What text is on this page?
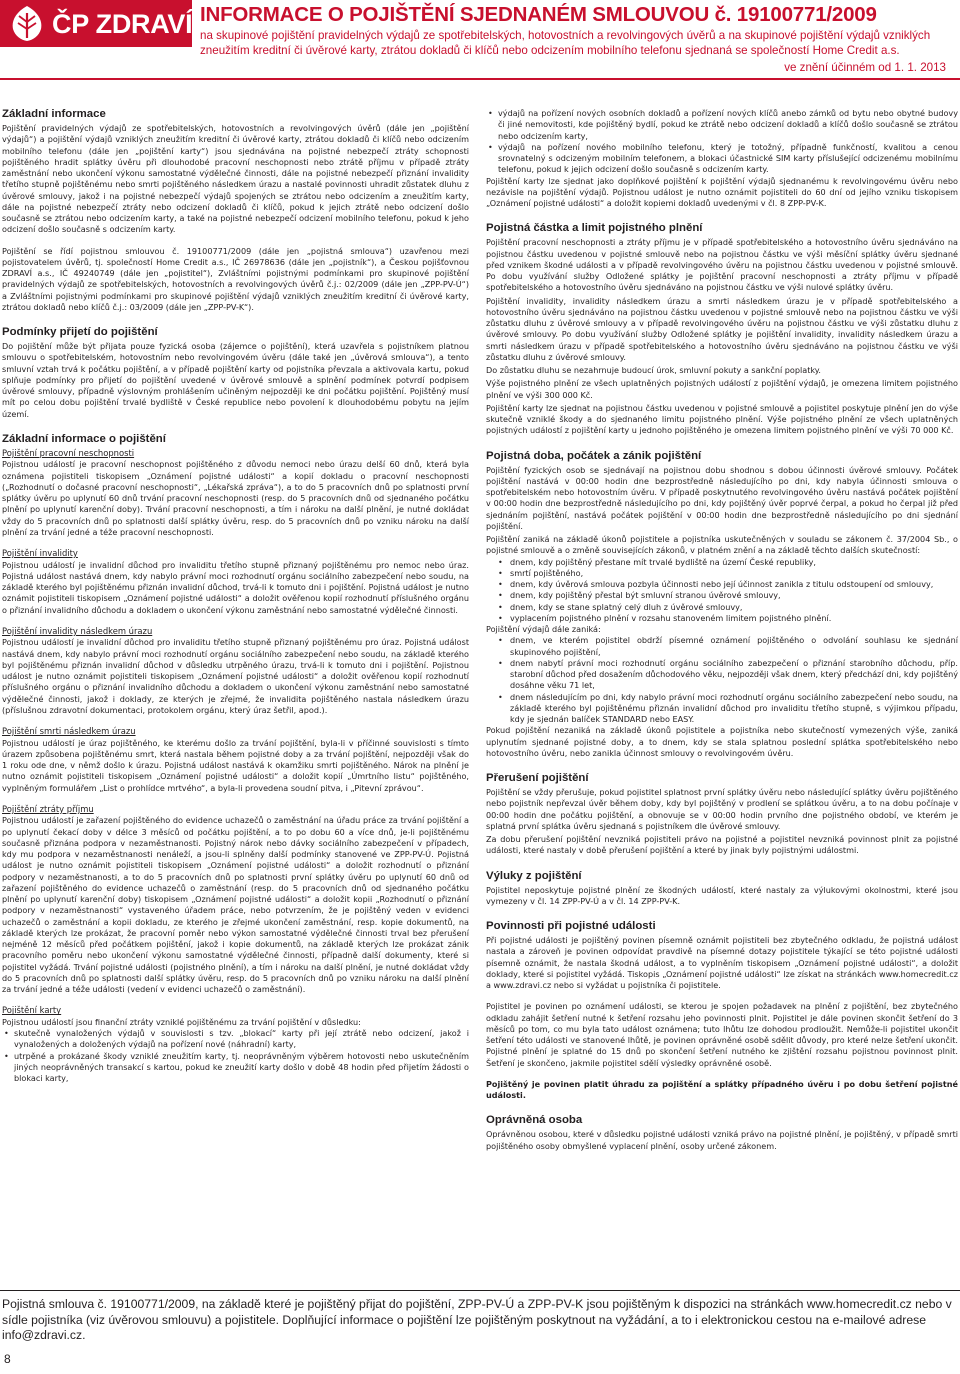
ČP ZDRAVÍ INFORMACE O POJIŠTĚNÍ SJEDNANÉM SMLOUVOU č. 19100771/2009
na skupinové pojištění pravidelných výdajů ze spotřebitelských, hotovostních a revolvingových úvěrů a na skupinové pojištění výdajů vzniklých zneužitím kreditní či úvěrové karty, ztrátou dokladů či klíčů nebo odcizením mobilního telefonu sjednaná se společností Home Credit a.s.
ve znění účinném od 1. 1. 2013
Základní informace

Pojištění pravidelných výdajů ze spotřebitelských, hotovostních a revolvingových úvěrů (dále jen „pojištění výdajů“) a pojištění výdajů vzniklých zneužitím kreditní či úvěrové karty, ztrátou dokladů či klíčů nebo odcizením mobilního telefonu (dále jen „pojištění karty“) jsou sjednávána na pojistné nebezpečí ztráty schopnosti pojištěného hradit splátky úvěru při dlouhodobé pracovní neschopnosti nebo ztrátě příjmu v případě ztráty zaměstnání nebo ukončení výkonu samostatné výdělečné činnosti, dále na pojistné nebezpečí přiznání invalidity třetího stupně pojištěnému nebo smrti pojištěného následkem úrazu a nastalé povinnosti uhradit zůstatek dluhu z úvěrové smlouvy, jakož i na pojistné nebezpečí výdajů spojených se ztrátou nebo odcizením a zneužitím karty, dále na pojistné nebezpečí ztráty nebo odcizení dokladů či klíčů, pokud k jejich ztrátě nebo odcizení došlo současně se ztrátou nebo odcizením karty, a také na pojistné nebezpečí odcizení mobilního telefonu, pokud k jeho odcizení došlo současně s odcizením karty.

Pojištění se řídí pojistnou smlouvou č. 19100771/2009 (dále jen „pojistná smlouva“) uzavřenou mezi pojistovatelem úvěrů, tj. společností Home Credit a.s., IČ 26978636 (dále jen „pojistník“), a Českou pojišťovnou ZDRAVÍ a.s., IČ 49240749 (dále jen „pojistitel“), Zvláštními pojistnými podmínkami pro skupinové pojištění pravidelných výdajů ze spotřebitelských, hotovostních a revolvingových úvěrů č.j.: 02/2009 (dále jen „ZPP-PV-Ú“) a Zvláštními pojistnými podmínkami pro skupinové pojištění výdajů vzniklých zneužitím kreditní či úvěrové karty, ztrátou dokladů nebo klíčů č.j.: 03/2009 (dále jen „ZPP-PV-K“).

Podmínky přijetí do pojištění

Do pojištění může být přijata pouze fyzická osoba (zájemce o pojištění), která uzavřela s pojistníkem platnou smlouvu o spotřebitelském, hotovostním nebo revolvingovém úvěru (dále také jen „úvěrová smlouva“), a tento smluvní vztah trvá k počátku pojištění, a v případě pojištění karty od pojistníka převzala a aktivovala kartu, pokud splňuje podmínky pro přijetí do pojištění uvedené v úvěrové smlouvě a splnění podmínek potvrdí podpisem úvěrové smlouvy, případně výslovným prohlášením učiněným nejpozději ke dni počátku pojištění. Pojištěný musí mít po celou dobu pojištění trvalé bydliště v České republice nebo povolení k dlouhodobému pobytu na jejím území.

Základní informace o pojištění
Pojištění pracovní neschopnosti

Pojistnou událostí je pracovní neschopnost pojištěného z důvodu nemoci nebo úrazu delší 60 dnů, která byla oznámena pojistiteli tiskopisem „Oznámení pojistné události“ a kopií dokladu o pracovní neschopnosti („Rozhodnutí o dočasné pracovní neschopnosti“, „Lékařská zpráva“), a to do 5 pracovních dnů po splatnosti první splátky úvěru po uplynutí 60 dnů trvání pracovní neschopnosti (resp. do 5 pracovních dnů od sjednaného počátku plnění po uplynutí karenční doby). Trvání pracovní neschopnosti, a tím i nároku na další plnění, je nutné dokládat vždy do 5 pracovních dnů po splatnosti další splátky úvěru, resp. do 5 pracovních dnů po vzniku nároku na další plnění za trvání jedné a téže pracovní neschopnosti.

Pojištění invalidity

Pojistnou událostí je invalidní důchod pro invaliditu třetího stupně přiznaný pojištěnému pro nemoc nebo úraz. Pojistná událost nastává dnem, kdy nabylo právní moci rozhodnutí orgánu sociálního zabezpečení nebo soudu, na základě kterého byl pojištěnému přiznán invalidní důchod, trvá-li k tomuto dni i pojištění. Pojistná událost je nutno oznámit pojistiteli tiskopisem „Oznámení pojistné události“ a doložit ověřenou kopií rozhodnutí příslušného orgánu o přiznání invalidního důchodu a dokladem o ukončení výkonu zaměstnání nebo samostatné výdělečné činnosti.

Pojištění invalidity následkem úrazu

Pojistnou událostí je invalidní důchod pro invaliditu třetího stupně přiznaný pojištěnému pro úraz. Pojistná událost nastává dnem, kdy nabylo právní moci rozhodnutí orgánu sociálního zabezpečení nebo soudu, na základě kterého byl pojištěnému přiznán invalidní důchod v důsledku utrpěného úrazu, trvá-li k tomuto dni i pojištění. Pojistnou událost je nutno oznámit pojistiteli tiskopisem „Oznámení pojistné události“ a doložit ověřenou kopií rozhodnutí příslušného orgánu o přiznání invalidního důchodu a dokladem o ukončení výkonu zaměstnání nebo samostatné výdělečné činnosti, jakož i doklady, ze kterých je zřejmé, že invalidita pojištěného nastala následkem úrazu (příslušnou zdravotní dokumentaci, protokolem orgánu, který úraz šetřil, apod.).

Pojištění smrti následkem úrazu

Pojistnou událostí je úraz pojištěného, ke kterému došlo za trvání pojištění, byla-li v příčinné souvislosti s tímto úrazem způsobena pojištěnému smrt, která nastala během pojistné doby a za trvání pojištění, nejpozději však do 1 roku ode dne, v němž došlo k úrazu. Pojistná událost nastává k okamžiku smrti pojištěného. Nárok na plnění je nutno oznámit pojistiteli tiskopisem „Oznámení pojistné události“ a doložit kopií „Úmrtního listu“ pojištěného, vyplněným formulářem „List o prohlídce mrtvého“, a byla-li provedena soudní pitva, i „Pitevní zprávou“.

Pojištění ztráty příjmu

Pojistnou událostí je zařazení pojištěného do evidence uchazečů o zaměstnání na úřadu práce za trvání pojištění a po uplynutí čekací doby v délce 3 měsíců od počátku pojištění, a to po dobu 60 a více dnů, je-li pojištěnému současně přiznána podpora v nezaměstnanosti. Pojistný nárok nebo dávky sociálního zabezpečení v případech, kdy mu podpora v nezaměstnanosti nenáleží, a jsou-li splněny další podmínky stanovené ve ZPP-PV-Ú. Pojistná událost je nutno oznámit pojistiteli tiskopisem „Oznámení pojistné události“ a doložit rozhodnutí o přiznání podpory v nezaměstnanosti, a to do 5 pracovních dnů po splatnosti první splátky úvěru po uplynutí 60 dnů od zařazení pojištěného do evidence uchazečů o zaměstnání (resp. do 5 pracovních dnů od sjednaného počátku plnění po uplynutí karenční doby) tiskopisem „Oznámení pojistné události“ a doložit kopii „Rozhodnutí o přiznání podpory v nezaměstnanosti“ vystaveného úřadem práce, nebo potvrzením, že je pojištěný veden v evidenci uchazečů o zaměstnání a kopii dokladu, ze kterého je zřejmé ukončení zaměstnání, resp. kopie dokumentů, na základě kterých lze prokázat, že pracovní poměr nebo výkon samostatné výdělečné činnosti trval bez přerušení nejméně 12 měsíců před počátkem pojištění, jakož i kopie dokumentů, na základě kterých lze prokázat zánik pracovního poměru nebo ukončení výkonu samostatné výdělečné činnosti, případně další dokumenty, které si pojistitel vyžádá. Trvání pojistné události (pojistného plnění), a tím i nároku na další plnění, je nutné dokládat vždy do 5 pracovních dnů po splatnosti další splátky úvěru, resp. do 5 pracovních dnů po vzniku nároku na další plnění za trvání jedné a téže události (vedení v evidenci uchazečů o zaměstnání).

Pojištění karty

Pojistnou událostí jsou finanční ztráty vzniklé pojištěnému za trvání pojištění v důsledku:

• skutečně vynaložených výdajů v souvislosti s tzv. „blokací“ karty při její ztrátě nebo odcizení, jakož i vynaložených a doložených výdajů na pořízení nové (náhradní) karty,
• utrpěné a prokázané škody vzniklé zneužitím karty, tj. neoprávněným výběrem hotovosti nebo uskutečněním jiných neoprávněných transakcí s kartou, pokud ke zneužití karty došlo v době 48 hodin před přijetím žádosti o blokaci karty,
• výdajů na pořízení nových osobních dokladů a pořízení nových klíčů anebo zámků od bytu nebo obytné budovy či jiné nemovitosti, kde pojištěný bydlí, pokud ke ztrátě nebo odcizení dokladů a klíčů došlo současně se ztrátou nebo odcizením karty,
• výdajů na pořízení nového mobilního telefonu, který je totožný, případně funkčností, kvalitou a cenou srovnatelný s odcizeným mobilním telefonem, a blokaci účastnické SIM karty příslušející odcizenému mobilnímu telefonu, pokud k jejich odcizení došlo současně s odcizením karty.

Pojištění karty lze sjednat jako doplňkové pojištění k pojištění výdajů sjednanému k revolvingovému úvěru nebo nezávisle na pojištění výdajů. Pojistnou událost je nutno oznámit pojistiteli do 60 dní od jejího vzniku tiskopisem „Oznámení pojistné události“ a doložit kopiemi dokladů uvedenými v čl. 8 ZPP-PV-K.

Pojistná částka a limit pojistného plnění

Pojištění pracovní neschopnosti a ztráty příjmu je v případě spotřebitelského a hotovostního úvěru sjednáváno na pojistnou částku uvedenou v pojistné smlouvě nebo na pojistnou částku ve výši měsíční splátky úvěru sjednané před vznikem škodné události a v případě revolvingového úvěru na pojistnou částku uvedenou v pojistné smlouvě. Po dobu využívání služby Odložené splátky je pojištění pracovní neschopnosti a ztráty příjmu v případě spotřebitelského a hotovostního úvěru sjednáváno na pojistnou částku ve výši nulové splátky úvěru.

Pojištění invalidity, invalidity následkem úrazu a smrti následkem úrazu je v případě spotřebitelského a hotovostního úvěru sjednáváno na pojistnou částku uvedenou v pojistné smlouvě nebo na pojistnou částku ve výši zůstatku dluhu z úvěrové smlouvy a v případě revolvingového úvěru na pojistnou částku ve výši zůstatku dluhu z úvěrové smlouvy. Po dobu využívání služby Odložené splátky je pojištění invalidity, invalidity následkem úrazu a smrti následkem úrazu v případě spotřebitelského a hotovostního úvěru sjednáváno na pojistnou částku ve výši zůstatku dluhu z úvěrové smlouvy.

Do zůstatku dluhu se nezahrnuje budoucí úrok, smluvní pokuty a sankční poplatky.

Výše pojistného plnění ze všech uplatněných pojistných událostí z pojištění výdajů, je omezena limitem pojistného plnění ve výši 300 000 Kč.

Pojištění karty lze sjednat na pojistnou částku uvedenou v pojistné smlouvě a pojistitel poskytuje plnění jen do výše skutečně vzniklé škody a do sjednaného limitu pojistného plnění. Výše pojistného plnění ze všech uplatněných pojistných událostí z pojištění karty u jednoho pojištěného je omezena limitem pojistného plnění ve výši 70 000 Kč.

Pojistná doba, počátek a zánik pojištění

Pojištění fyzických osob se sjednávají na pojistnou dobu shodnou s dobou účinnosti úvěrové smlouvy. Počátek pojištění nastává v 00:00 hodin dne bezprostředně následujícího po dni, kdy nabyla účinnosti smlouva o spotřebitelském nebo hotovostním úvěru. V případě poskytnutého revolvingového úvěru nastává počátek pojištění v 00:00 hodin dne bezprostředně následujícího po dni, kdy pojištěný úvěr poprvé čerpal, a pokud ho čerpal již před sjednáním pojištění, nastává počátek pojištění v 00:00 hodin dne bezprostředně následujícího po dni sjednání pojištění.

Pojištění zaniká na základě úkonů pojistitele a pojistníka uskutečněných v souladu se zákonem č. 37/2004 Sb., o pojistné smlouvě a o změně souvisejících zákonů, v platném znění a na základě těchto dalších skutečností:

• dnem, kdy pojištěný přestane mít trvalé bydliště na území České republiky,
• smrtí pojištěného,
• dnem, kdy úvěrová smlouva pozbyla účinnosti nebo její účinnost zanikla z titulu odstoupení od smlouvy,
• dnem, kdy pojištěný přestal být smluvní stranou úvěrové smlouvy,
• dnem, kdy se stane splatný celý dluh z úvěrové smlouvy,
• vyplacením pojistného plnění v rozsahu stanoveném limitem pojistného plnění.

Pojištění výdajů dále zaniká:

• dnem, ve kterém pojistitel obdrží písemné oznámení pojištěného o odvolání souhlasu ke sjednání skupinového pojištění,
• dnem nabytí právní moci rozhodnutí orgánu sociálního zabezpečení o přiznání starobního důchodu, příp. starobní důchod před dosažením důchodového věku, nejpozději však dnem, který předchází dni, kdy pojištěný dosáhne věku 71 let,
• dnem následujícím po dni, kdy nabylo právní moci rozhodnutí orgánu sociálního zabezpečení nebo soudu, na základě kterého byl pojištěnému přiznán invalidní důchod pro invaliditu třetího stupně, s výjimkou případu, kdy je sjednán balíček STANDARD nebo EASY.

Pokud pojištění nezaniká na základě úkonů pojistitele a pojistníka nebo skutečností vymezených výše, zaniká uplynutím sjednané pojistné doby, a to dnem, kdy se stala splatnou poslední splátka spotřebitelského nebo hotovostního úvěru, nebo zanikla účinnost smlouvy o revolvingovém úvěru.

Přerušení pojištění

Pojištění se vždy přerušuje, pokud pojistitel splatnost první splátky úvěru nebo následující splátky úvěru pojištěného nebo pojistník nepřevzal úvěr během doby, kdy byl pojištěný v prodlení se splátkou úvěru, a to na dobu počínaje v 00:00 hodin dne počátku pojištění, a obnovuje se v 00:00 hodin prvního dne pojistného období, ve kterém je splatná první splátka úvěru sjednaná s pojistníkem dle úvěrové smlouvy.

Za dobu přerušení pojištění nevzniká pojistiteli právo na pojistné a pojistitel nevzniká povinnost plnit za pojistné události, které nastaly v době přerušení pojištění a které by jinak byly pojistnými událostmi.

Výluky z pojištění

Pojistitel neposkytuje pojistné plnění ze škodných událostí, které nastaly za výlukovými okolnostmi, které jsou vymezeny v čl. 14 ZPP-PV-Ú a v čl. 14 ZPP-PV-K.

Povinnosti při pojistné události

Při pojistné události je pojištěný povinen písemně oznámit pojistiteli bez zbytečného odkladu, že pojistná událost nastala a zároveň je povinen odpovídat pravdivě na písemné dotazy pojistitele týkající se této pojistné události písemně oznámit, že nastala škodná událost, a to vyplněním tiskopisem „Oznámení pojistné události“, a doložit doklady, které si pojistitel vyžádá. Tiskopis „Oznámení pojistné události“ lze získat na stránkách www.homecredit.cz a www.zdravi.cz nebo si vyžádat u pojistníka či pojistitele.

Pojistitel je povinen po oznámení události, se kterou je spojen požadavek na plnění z pojištění, bez zbytečného odkladu zahájit šetření nutné k šetření rozsahu jeho povinnosti plnit. Pojistitel je dále povinen skončit šetření do 3 měsíců po tom, co mu byla tato událost oznámena; tuto lhůtu lze dohodou prodloužit. Nemůže-li pojistitel ukončit šetření této události ve stanovené lhůtě, je povinen oprávněné osobě sdělit důvody, pro které nelze šetření ukončit. Pojistné plnění je splatné do 15 dnů po skončení šetření nutného ke zjištění rozsahu pojistnou povinnost plnit. Šetření je skončeno, jakmile pojistitel sdělí výsledky oprávněné osobě.

Pojištěný je povinen platit úhradu za pojištění a splátky případného úvěru i po dobu šetření pojistné události.

Oprávněná osoba

Oprávněnou osobou, které v důsledku pojistné události vzniká právo na pojistné plnění, je pojištěný, v případě smrti pojištěného osoby obmyšlené vyplacení plnění, osoby určené zákonem.

Pojistná smlouva č. 19100771/2009, na základě které je pojištěný přijat do pojištění, ZPP-PV-Ú a ZPP-PV-K jsou pojištěným k dispozici na stránkách www.homecredit.cz nebo v sídle pojistníka (viz úvěrovou smlouvu) a pojistitele. Doplňující informace o pojištění lze pojištěným poskytnout na vyžádání, a to i elektronickou cestou na e-mailové adrese info@zdravi.cz.
8
